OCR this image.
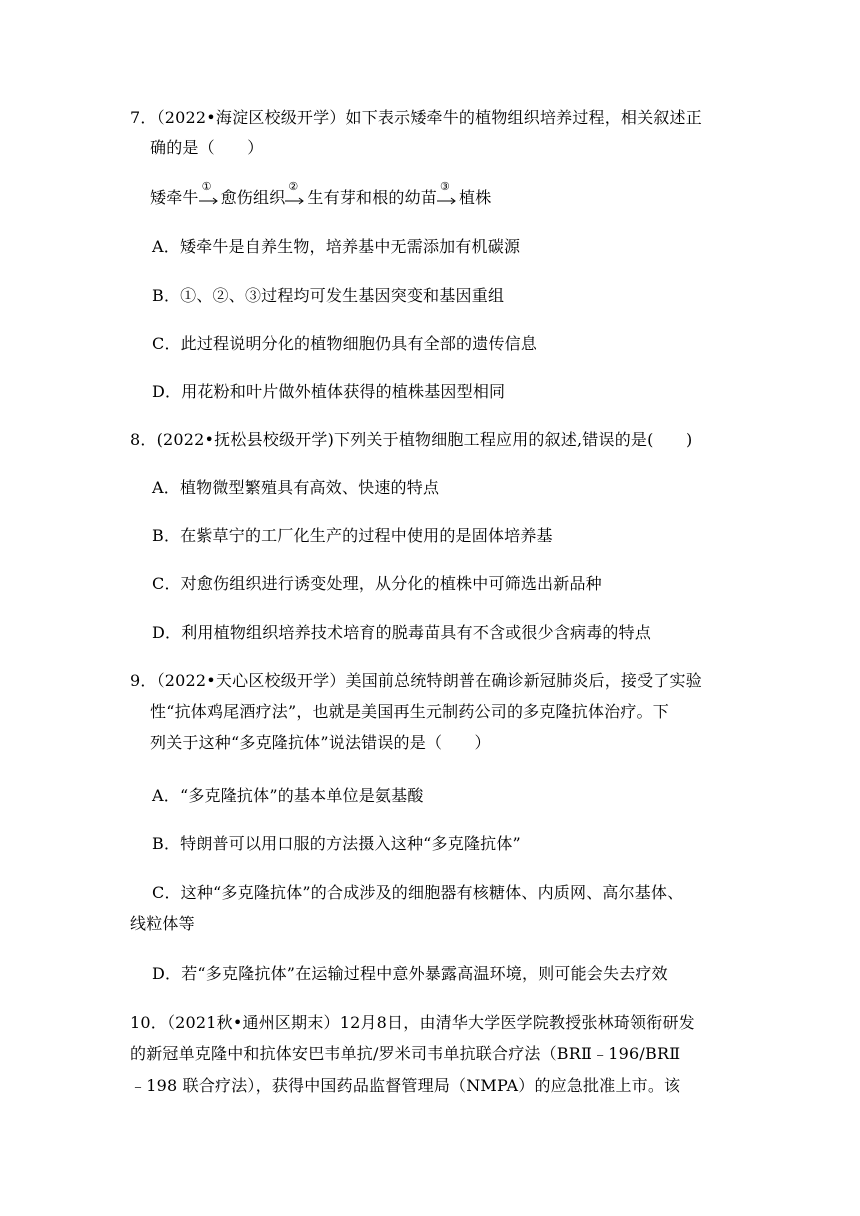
7．（2022•海淀区校级开学）如下表示矮牵牛的植物组织培养过程，相关叙述正
确的是（　　）
矮牵牛
①
愈伤组织
②
生有芽和根的幼苗
③
植株
A．矮牵牛是自养生物，培养基中无需添加有机碳源
B．①、②、③过程均可发生基因突变和基因重组
C．此过程说明分化的植物细胞仍具有全部的遗传信息
D．用花粉和叶片做外植体获得的植株基因型相同
8．(2022•抚松县校级开学)下列关于植物细胞工程应用的叙述,错误的是(　　)
A．植物微型繁殖具有高效、快速的特点
B．在紫草宁的工厂化生产的过程中使用的是固体培养基
C．对愈伤组织进行诱变处理，从分化的植株中可筛选出新品种
D．利用植物组织培养技术培育的脱毒苗具有不含或很少含病毒的特点
9．（2022•天心区校级开学）美国前总统特朗普在确诊新冠肺炎后，接受了实验
性“抗体鸡尾酒疗法”，也就是美国再生元制药公司的多克隆抗体治疗。下
列关于这种“多克隆抗体”说法错误的是（　　）
A．“多克隆抗体”的基本单位是氨基酸
B．特朗普可以用口服的方法摄入这种“多克隆抗体”
C．这种“多克隆抗体”的合成涉及的细胞器有核糖体、内质网、高尔基体、
线粒体等
D．若“多克隆抗体”在运输过程中意外暴露高温环境，则可能会失去疗效
10．（2021秋•通州区期末）12月8日，由清华大学医学院教授张林琦领衔研发
的新冠单克隆中和抗体安巴韦单抗/罗米司韦单抗联合疗法（BRⅡ﹣196/BRⅡ
﹣198 联合疗法），获得中国药品监督管理局（NMPA）的应急批准上市。该
